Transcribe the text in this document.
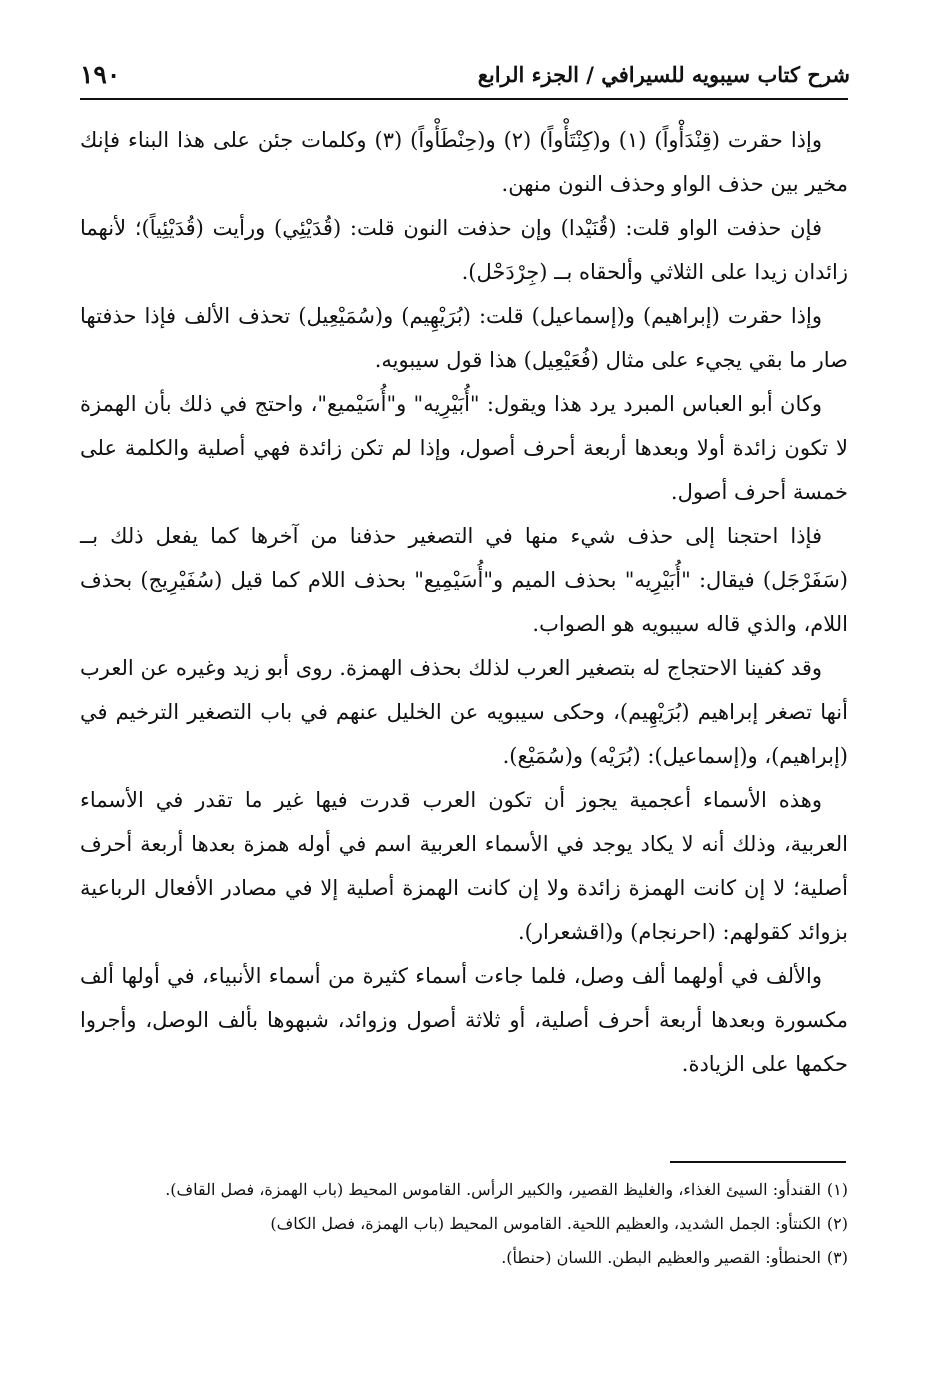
شرح كتاب سيبويه للسيرافي / الجزء الرابع
١٩٠

وإذا حقرت (قِنْدَأْواً) (١) و(كِنْتَأْواً) (٢) و(حِنْطَأْواً) (٣) وكلمات جئن على هذا البناء فإنك مخير بين حذف الواو وحذف النون منهن.

فإن حذفت الواو قلت: (قُنَيْدا) وإن حذفت النون قلت: (قُدَيْئِي) ورأيت (قُدَيْئِياً)؛ لأنهما زائدان زيدا على الثلاثي وألحقاه بــ (جِرْدَحْل).

وإذا حقرت (إبراهيم) و(إسماعيل) قلت: (بُرَيْهِيم) و(سُمَيْعِيل) تحذف الألف فإذا حذفتها صار ما بقي يجيء على مثال (فُعَيْعِيل) هذا قول سيبويه.

وكان أبو العباس المبرد يرد هذا ويقول: "أُبَيْرِيه" و"أُسَيْميع"، واحتج في ذلك بأن الهمزة لا تكون زائدة أولا وبعدها أربعة أحرف أصول، وإذا لم تكن زائدة فهي أصلية والكلمة على خمسة أحرف أصول.

فإذا احتجنا إلى حذف شيء منها في التصغير حذفنا من آخرها كما يفعل ذلك بــ (سَفَرْجَل) فيقال: "أُبَيْرِيه" بحذف الميم و"أُسَيْمِيع" بحذف اللام كما قيل (سُفَيْرِيج) بحذف اللام، والذي قاله سيبويه هو الصواب.

وقد كفينا الاحتجاج له بتصغير العرب لذلك بحذف الهمزة. روى أبو زيد وغيره عن العرب أنها تصغر إبراهيم (بُرَيْهِيم)، وحكى سيبويه عن الخليل عنهم في باب التصغير الترخيم في (إبراهيم)، و(إسماعيل): (بُرَيْه) و(سُمَيْع).

وهذه الأسماء أعجمية يجوز أن تكون العرب قدرت فيها غير ما تقدر في الأسماء العربية، وذلك أنه لا يكاد يوجد في الأسماء العربية اسم في أوله همزة بعدها أربعة أحرف أصلية؛ لا إن كانت الهمزة زائدة ولا إن كانت الهمزة أصلية إلا في مصادر الأفعال الرباعية بزوائد كقولهم: (احرنجام) و(اقشعرار).

والألف في أولهما ألف وصل، فلما جاءت أسماء كثيرة من أسماء الأنبياء، في أولها ألف مكسورة وبعدها أربعة أحرف أصلية، أو ثلاثة أصول وزوائد، شبهوها بألف الوصل، وأجروا حكمها على الزيادة.

(١)
القندأو: السيئ الغذاء، والغليظ القصير، والكبير الرأس. القاموس المحيط (باب الهمزة، فصل القاف).
(٢)
الكنتأو: الجمل الشديد، والعظيم اللحية. القاموس المحيط (باب الهمزة، فصل الكاف)
(٣)
الحنطأو: القصير والعظيم البطن. اللسان (حنطأ).
